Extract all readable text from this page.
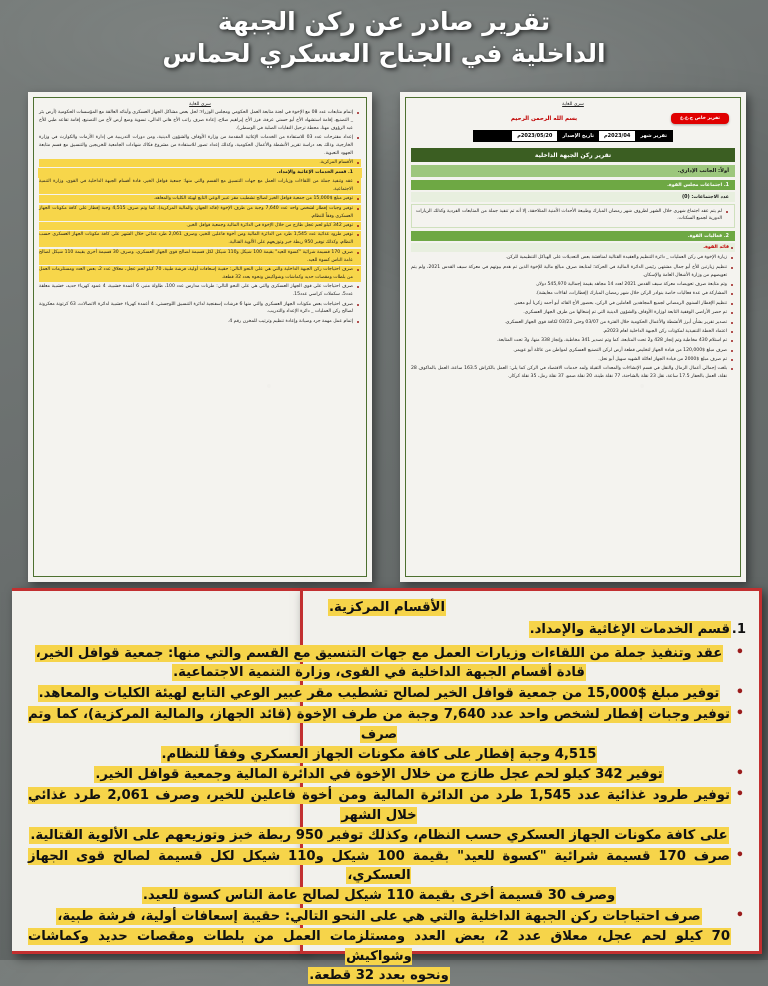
تقرير صادر عن ركن الجبهة
الداخلية في الجناح العسكري لحماس
سري للغاية
إتمام متابعات عدد 08 مع الإخوة في لجنة متابعة العمل الحكومي ومجلس الوزراء؛ لحل بعض مشاكل الجهاز العسكري وأبنائه العالقة مع المؤسسات الحكومية (أرض بئر _ التصنيع، إقامة استشهاد الأخ أبو حسني عرفة، فرز الأخ إبراهيم صلاح، إعادة صرف راتب الأخ هاني الدالي، تسوية وضع أرض لأخ من التصنيع، إقامة تقاعد طبي للأخ عبد الرؤوف مهنا، محطة ترحيل النفايات الصلبة في الوسطى).
إعداد مقترحات عدد 03 للاستفادة من الخدمات الإغاثية المقدمة من وزارة الأوقاف والشؤون الدينية، ومن دورات التدريبية في إدارة الأزمات والكوارث في وزارة الخارجية، وذلك بعد دراسة تقرير الأنشطة والأعمال الحكومية، وكذلك إعداد تصور للاستفادة من مشروع فكاك شهادات الجامعية للخريجين والتنسيق مع قسم متابعة الجهود التعبوية.
الأقسام المركزية.
1. قسم الخدمات الإغاثية والإمداد.
عقد وتنفيذ جملة من اللقاءات وزيارات العمل مع جهات التنسيق مع القسم والتي منها: جمعية قوافل الخير، قادة أقسام الجبهة الداخلية في القوى، وزارة التنمية الاجتماعية.
توفير مبلغ $15,000 من جمعية قوافل الخير لصالح تشطيب مقر عبير الوعي التابع لهيئة الكليات والمعاهد.
توفير وجبات إفطار لشخص واحد عدد 7,640 وجبة من طرف الإخوة (قائد الجهاز، والمالية المركزية)، كما وتم صرف 4,515 وجبة إفطار على كافة مكونات الجهاز العسكري وفقاً للنظام.
توفير 342 كيلو لحم عجل طازج من خلال الإخوة في الدائرة المالية وجمعية قوافل الخير.
توفير طرود غذائية عدد 1,545 طرد من الدائرة المالية ومن أخوة فاعلين للخير، وصرف 2,061 طرد غذائي خلال الشهر على كافة مكونات الجهاز العسكري حسب النظام، وكذلك توفير 950 ربطة خبز وتوزيعهم على الألوية القتالية.
صرف 170 قسيمة شرائية "كسوة للعيد" بقيمة 100 شيكل و110 شيكل لكل قسيمة لصالح قوى الجهاز العسكري، وصرف 30 قسيمة أخرى بقيمة 110 شيكل لصالح عامة الناس كسوة للعيد.
صرف احتياجات ركن الجبهة الداخلية والتي هي على النحو التالي: حقيبة إسعافات أولية، فرشة طبية، 70 كيلو لحم عجل، معلاق عدد 2، بعض العدد ومستلزمات العمل من بلطات ومقصات حديد وكماشات وشواكيش ونحوه بعدد 32 قطعة.
صرف احتياجات على قوى الجهاز العسكري والتي هي على النحو التالي: طرنات مدارس عدد 100، طاولة منبر، 6 أعمدة خشبية، 4 عمود كهرباء حديد، خشبية معلقة عدد5، سكملات كراسي عدد15.
صرف احتياجات بعض مكونات الجهاز العسكري والتي منها 6 فرشات إسفنجية لدائرة التنسيق اللوجستي، 4 أعمدة كهرباء خشبية لدائرة الاتصالات، 63 كرتونة معكرونة لصالح ركن العمليات _ دائرة الإعداد والتدريب.
إتمام عمل مهمة جرد وصيانة وإعادة تنظيم وترتيب للمخزن رقم 4.
سري للغاية
تقرير خاص ج.ع.غ
بسم الله الرحمن الرحيم
تقرير شهر
2023/04م
تاريخ الإصدار
2023/05/20م
تقرير ركن الجبهة الداخلية
أولاً: الجانب الإداري.
1. اجتماعات مجلس القوة.
عدد الاجتماعات: (0)
لم يتم عقد اجتماع شهري خلال الشهر لظروف شهر رمضان المبارك وطبيعة الأحداث الأمنية المتلاحقة، إلا أنه تم تنفيذ جملة من المتابعات الفردية وكذلك الزيارات الدورية لجميع السكنات.
2. فعاليات القوة.
قائد القوة.
زيارة الإخوة في ركن العمليات _ دائرة التنظيم والعقيدة القتالية لمناقشة بعض التعديلات على الهياكل التنظيمية للركن.
تنظيم زيارتين للأخ أبو جمال مشتهى رئيس الدائرة المالية في الحركة؛ لمتابعة صرف مبالغ مالية للإخوة الذين تم هدم بيوتهم في معركة سيف القدس 2021، ولم يتم تعويضهم من وزارة الأشغال العامة والإسكان.
وتم متابعة صرف تعويضات معركة سيف القدس 2021 لعدد 14 مجاهد بقيمة إجمالية 545,970 دولار.
المشاركة في عدة فعاليات خاصة بنوادر الركن خلال شهر رمضان المبارك (إفطارات، لقاءات معايشة).
تنظيم الإفطار السنوي الرمضاني لجميع المجاهدين العاملين في الركن، بحضور الأخ القائد أبو أحمد زكريا أبو معمر.
تم حصر الأراضي الوقفية التابعة لوزارة الأوقاف والشؤون الدينية التي تم إشغالها من طرف الجهاز العسكري.
تصدير تقرير بشأن أبرز الأنشطة والأعمال الحكومية خلال الفترة من 03/07 وحتى 03/23 لكافة قوى الجهاز العسكري.
اعتماد الخطة التنفيذية لمكونات ركن الجبهة الداخلية لعام 2023م.
تم استلام 430 مخاطبة وتم إنجاز 428 و2 تحت المتابعة، كما وتم تصدير 341 مخاطبة، وإنجاز 338 منها، و3 تحت المتابعة.
صرف مبلغ $120,000 من قيادة الجهاز لتخليص قطعة أرض لركن التصنيع العسكري لمواطن من عائلة أبو عويمر.
تم صرف مبلغ $2000 من قيادة الجهاز لعائلة الشهيد سهيل أبو نحل.
بلغت إجمالي أعمال الرمال والنقل في قسم الإنشاءات والمعدات الثقيلة ولمد خدمات الاقتصاد في الركن كما يلي: العمل بالكراش 163.5 ساعة، العمل بالماكوف 28 نقلة، العمل بالحفار 17.5 ساعة، نقل 23 نقلة بالشاحنة، 77 نقلة طينة، 20 نقلة ضمو، 37 نقلة رمل، 35 نقلة كركار.
الأقسام المركزية.
1.
قسم الخدمات الإغاثية والإمداد.
• عقد وتنفيذ جملة من اللقاءات وزيارات العمل مع جهات التنسيق مع القسم والتي منها: جمعية قوافل الخير،
قادة أقسام الجبهة الداخلية في القوى، وزارة التنمية الاجتماعية.
• توفير مبلغ $15,000 من جمعية قوافل الخير لصالح تشطيب مقر عبير الوعي التابع لهيئة الكليات والمعاهد.
• توفير وجبات إفطار لشخص واحد عدد 7,640 وجبة من طرف الإخوة (قائد الجهاز، والمالية المركزية)، كما وتم صرف
4,515 وجبة إفطار على كافة مكونات الجهاز العسكري وفقاً للنظام.
• توفير 342 كيلو لحم عجل طازج من خلال الإخوة في الدائرة المالية وجمعية قوافل الخير.
• توفير طرود غذائية عدد 1,545 طرد من الدائرة المالية ومن أخوة فاعلين للخير، وصرف 2,061 طرد غذائي خلال الشهر
على كافة مكونات الجهاز العسكري حسب النظام، وكذلك توفير 950 ربطة خبز وتوزيعهم على الألوية القتالية.
• صرف 170 قسيمة شرائية "كسوة للعيد" بقيمة 100 شيكل و110 شيكل لكل قسيمة لصالح قوى الجهاز العسكري،
وصرف 30 قسيمة أخرى بقيمة 110 شيكل لصالح عامة الناس كسوة للعيد.
• صرف احتياجات ركن الجبهة الداخلية والتي هي على النحو التالي: حقيبة إسعافات أولية، فرشة طبية،
70 كيلو لحم عجل، معلاق عدد 2، بعض العدد ومستلزمات العمل من بلطات ومقصات حديد وكماشات وشواكيش
ونحوه بعدد 32 قطعة.
